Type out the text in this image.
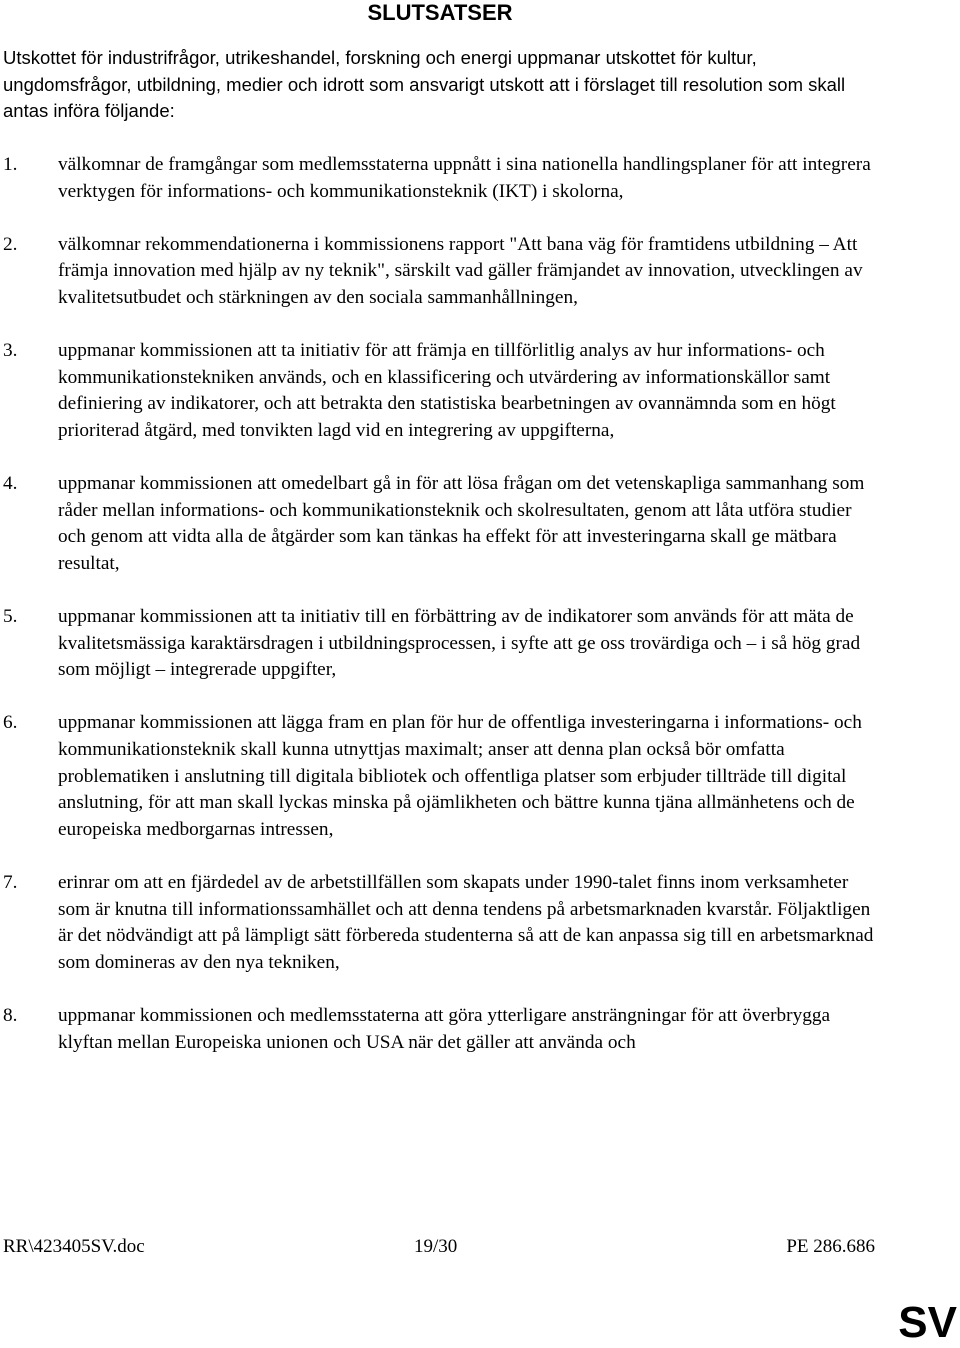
SLUTSATSER

Utskottet för industrifrågor, utrikeshandel, forskning och energi uppmanar utskottet för kultur, ungdomsfrågor, utbildning, medier och idrott som ansvarigt utskott att i förslaget till resolution som skall antas införa följande:

1.	välkomnar de framgångar som medlemsstaterna uppnått i sina nationella handlingsplaner för att integrera verktygen för informations- och kommunikationsteknik (IKT) i skolorna,
2.	välkomnar rekommendationerna i kommissionens rapport "Att bana väg för framtidens utbildning – Att främja innovation med hjälp av ny teknik", särskilt vad gäller främjandet av innovation, utvecklingen av kvalitetsutbudet och stärkningen av den sociala sammanhållningen,
3.	uppmanar kommissionen att ta initiativ för att främja en tillförlitlig analys av hur informations- och kommunikationstekniken används, och en klassificering och utvärdering av informationskällor samt definiering av indikatorer, och att betrakta den statistiska bearbetningen av ovannämnda som en högt prioriterad åtgärd, med tonvikten lagd vid en integrering av uppgifterna,
4.	uppmanar kommissionen att omedelbart gå in för att lösa frågan om det vetenskapliga sammanhang som råder mellan informations- och kommunikationsteknik och skolresultaten, genom att låta utföra studier och genom att vidta alla de åtgärder som kan tänkas ha effekt för att investeringarna skall ge mätbara resultat,
5.	uppmanar kommissionen att ta initiativ till en förbättring av de indikatorer som används för att mäta de kvalitetsmässiga karaktärsdragen i utbildningsprocessen, i syfte att ge oss trovärdiga och – i så hög grad som möjligt – integrerade uppgifter,
6.	uppmanar kommissionen att lägga fram en plan för hur de offentliga investeringarna i informations- och kommunikationsteknik skall kunna utnyttjas maximalt; anser att denna plan också bör omfatta problematiken i anslutning till digitala bibliotek och offentliga platser som erbjuder tillträde till digital anslutning, för att man skall lyckas minska på ojämlikheten och bättre kunna tjäna allmänhetens och de europeiska medborgarnas intressen,
7.	erinrar om att en fjärdedel av de arbetstillfällen som skapats under 1990-talet finns inom verksamheter som är knutna till informationssamhället och att denna tendens på arbetsmarknaden kvarstår. Följaktligen är det nödvändigt att på lämpligt sätt förbereda studenterna så att de kan anpassa sig till en arbetsmarknad som domineras av den nya tekniken,
8.	uppmanar kommissionen och medlemsstaterna att göra ytterligare ansträngningar för att överbrygga klyftan mellan Europeiska unionen och USA när det gäller att använda och
RR\423405SV.doc	19/30	PE 286.686
SV
